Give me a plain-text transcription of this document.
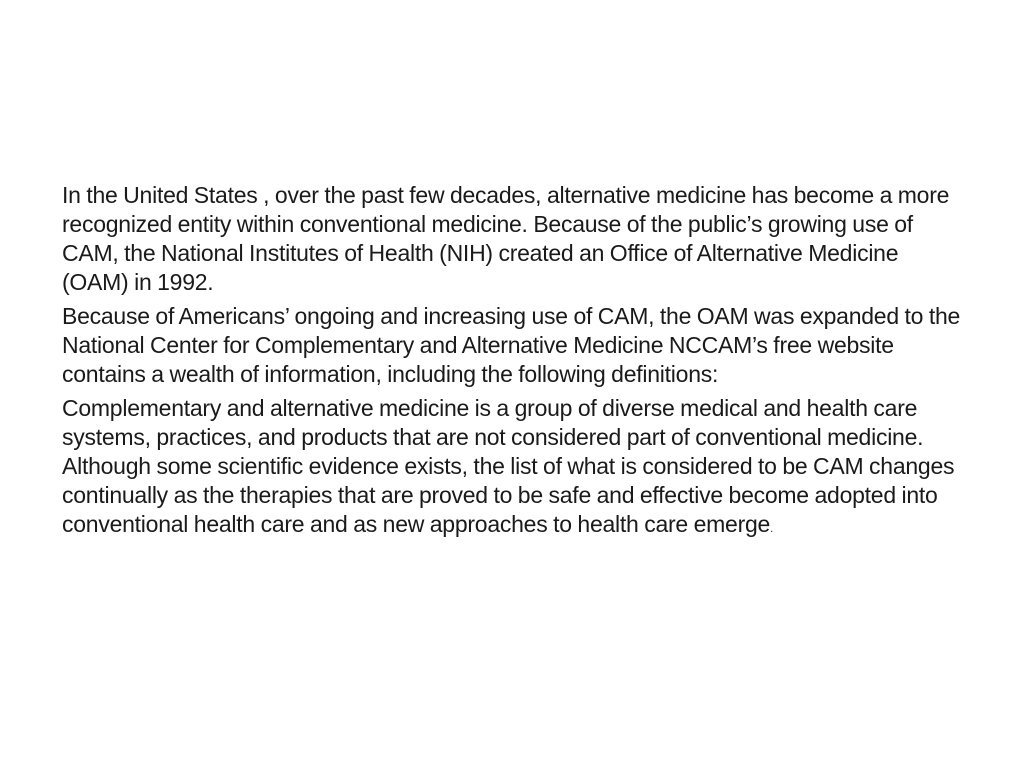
In the United States , over the past few decades, alternative medicine has become a more recognized entity within conventional medicine. Because of the public’s growing use of CAM, the National Institutes of Health (NIH) created an Office of Alternative Medicine (OAM) in 1992.

Because of Americans’ ongoing and increasing use of CAM, the OAM was expanded to the National Center for Complementary and Alternative Medicine NCCAM’s free website contains a wealth of information, including the following definitions:

Complementary and alternative medicine is a group of diverse medical and health care systems, practices, and products that are not considered part of conventional medicine. Although some scientific evidence exists, the list of what is considered to be CAM changes continually as the therapies that are proved to be safe and effective become adopted into conventional health care and as new approaches to health care emerge.
